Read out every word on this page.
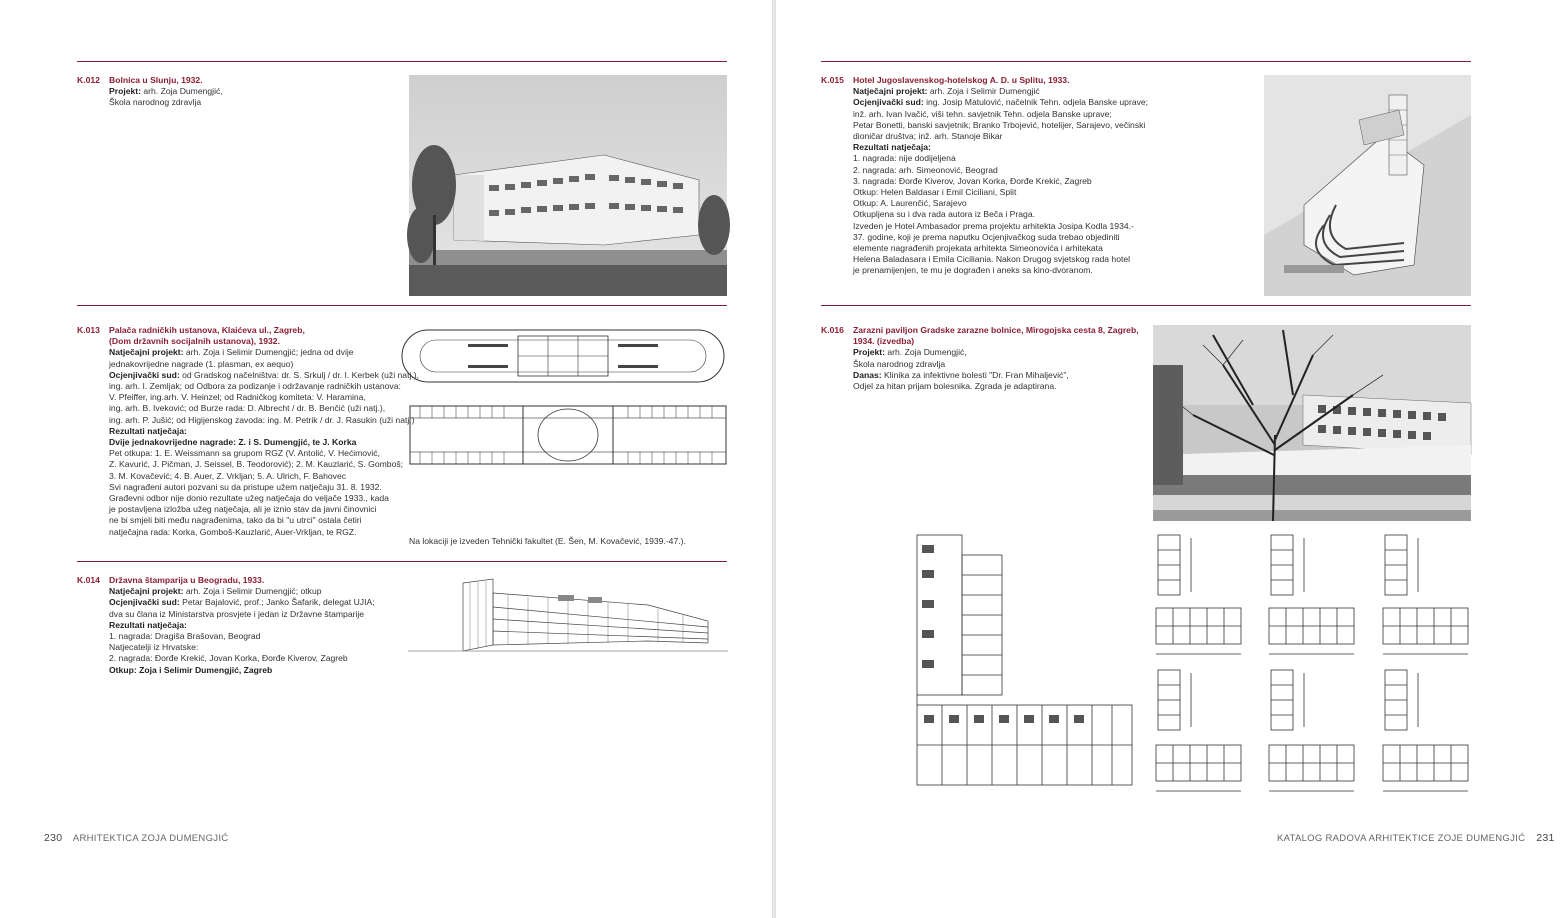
K.012 Bolnica u Slunju, 1932.
Projekt: arh. Zoja Dumengjić,
Škola narodnog zdravlja
K.013 Palača radničkih ustanova, Klaićeva ul., Zagreb,
(Dom državnih socijalnih ustanova), 1932.
Natječajni projekt: arh. Zoja i Selimir Dumengjić; jedna od dvije
jednakovrijedne nagrade (1. plasman, ex aequo)
Ocjenjivački sud: od Gradskog načelništva: dr. S. Srkulj / dr. I. Kerbek (uži natj.),
ing. arh. I. Zemljak; od Odbora za podizanje i održavanje radničkih ustanova:
V. Pfeiffer, ing.arh. V. Heinzel; od Radničkog komiteta: V. Haramina,
ing. arh. B. Iveković; od Burze rada: D. Albrecht / dr. B. Benčić (uži natj.),
ing. arh. P. Jušić; od Higijenskog zavoda: ing. M. Petrik / dr. J. Rasukin (uži natj.)
Rezultati natječaja:
Dvije jednakovrijedne nagrade: Z. i S. Dumengjić, te J. Korka
Pet otkupa: 1. E. Weissmann sa grupom RGZ (V. Antolić, V. Hećimović,
Z. Kavurić, J. Pičman, J. Seissel, B. Teodorović); 2. M. Kauzlarić, S. Gomboš;
3. M. Kovačević; 4. B. Auer, Z. Vrkljan; 5. A. Ulrich, F. Bahovec
Svi nagrađeni autori pozvani su da pristupe užem natječaju 31. 8. 1932.
Građevni odbor nije donio rezultate užeg natječaja do veljače 1933., kada
je postavljena izložba užeg natječaja, ali je iznio stav da javni činovnici
ne bi smjeli biti među nagrađenima, tako da bi "u utrci" ostala četiri
natječajna rada: Korka, Gomboš-Kauzlarić, Auer-Vrkljan, te RGZ.
Na lokaciji je izveden Tehnički fakultet (E. Šen, M. Kovačević, 1939.-47.).
K.014 Državna štamparija u Beogradu, 1933.
Natječajni projekt: arh. Zoja i Selimir Dumengjić; otkup
Ocjenjivački sud: Petar Bajalović, prof.; Janko Šafarik, delegat UJIA;
dva su člana iz Ministarstva prosvjete i jedan iz Državne štamparije
Rezultati natječaja:
1. nagrada: Dragiša Brašovan, Beograd
Natjecatelji iz Hrvatske:
2. nagrada: Đorđe Krekić, Jovan Korka, Đorđe Kiverov, Zagreb
Otkup: Zoja i Selimir Dumengjić, Zagreb
230 ARHITEKTICA ZOJA DUMENGJIĆ
K.015 Hotel Jugoslavenskog-hotelskog A. D. u Splitu, 1933.
Natječajni projekt: arh. Zoja i Selimir Dumengjić
Ocjenjivački sud: ing. Josip Matulović, načelnik Tehn. odjela Banske uprave;
inž. arh. Ivan Ivačić, viši tehn. savjetnik Tehn. odjela Banske uprave;
Petar Bonetti, banski savjetnik; Branko Trbojević, hotelijer, Sarajevo, večinski
dioničar društva; inž. arh. Stanoje Bikar
Rezultati natječaja:
1. nagrada: nije dodijeljena
2. nagrada: arh. Simeonović, Beograd
3. nagrada: Đorđe Kiverov, Jovan Korka, Đorđe Krekić, Zagreb
Otkup: Helen Baldasar i Emil Ciciliani, Split
Otkup: A. Laurenčić, Sarajevo
Otkupljena su i dva rada autora iz Beča i Praga.
Izveden je Hotel Ambasador prema projektu arhitekta Josipa Kodla 1934.-
37. godine, koji je prema naputku Ocjenjivačkog suda trebao objediniti
elemente nagrađenih projekata arhitekta Simeonovića i arhitekata
Helena Baladasara i Emila Ciciliania. Nakon Drugog svjetskog rada hotel
je prenamijenjen, te mu je dograđen i aneks sa kino-dvoranom.
K.016 Zarazni paviljon Gradske zarazne bolnice, Mirogojska cesta 8, Zagreb,
1934. (izvedba)
Projekt: arh. Zoja Dumengjić,
Škola narodnog zdravlja
Danas: Klinika za infektivne bolesti "Dr. Fran Mihaljević",
Odjel za hitan prijam bolesnika. Zgrada je adaptirana.
KATALOG RADOVA ARHITEKTICE ZOJE DUMENGJIĆ 231
